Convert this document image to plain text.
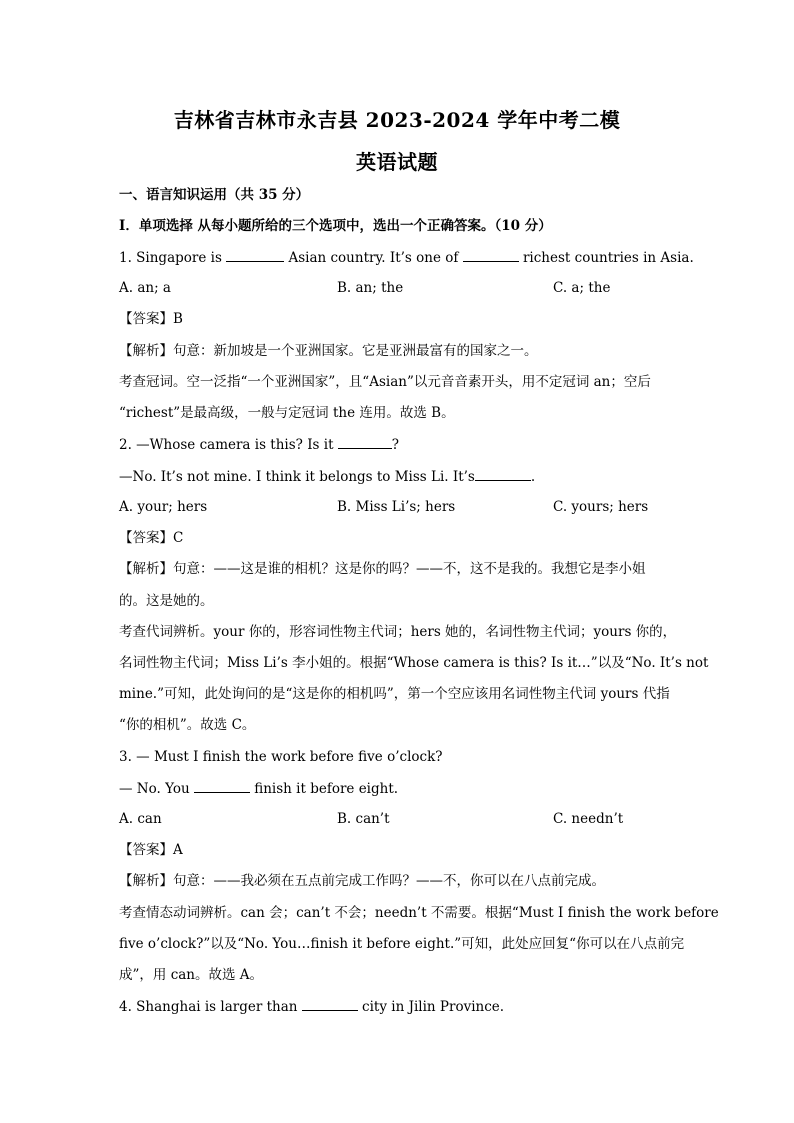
吉林省吉林市永吉县 2023-2024 学年中考二模
英语试题
一、语言知识运用（共 35 分）
Ⅰ．单项选择 从每小题所给的三个选项中，选出一个正确答案。（10 分）
1. Singapore is	Asian country. It’s one of	richest countries in Asia.
A. an; a	B. an; the	C. a; the
【答案】B
【解析】句意：新加坡是一个亚洲国家。它是亚洲最富有的国家之一。
考查冠词。空一泛指“一个亚洲国家”，且“Asian”以元音音素开头，用不定冠词 an；空后
“richest”是最高级，一般与定冠词 the 连用。故选 B。
2. —Whose camera is this? Is it	?
—No. It’s not mine. I think it belongs to Miss Li. It’s	.
A. your; hers	B. Miss Li’s; hers	C. yours; hers
【答案】C
【解析】句意：——这是谁的相机？这是你的吗？——不，这不是我的。我想它是李小姐
的。这是她的。
考查代词辨析。your 你的，形容词性物主代词；hers 她的，名词性物主代词；yours 你的，
名词性物主代词；Miss Li’s 李小姐的。根据“Whose camera is this? Is it…”以及“No. It’s not
mine.”可知，此处询问的是“这是你的相机吗”，第一个空应该用名词性物主代词 yours 代指
“你的相机”。故选 C。
3. — Must I finish the work before five o’clock?
— No. You	finish it before eight.
A. can	B. can’t	C. needn’t
【答案】A
【解析】句意：——我必须在五点前完成工作吗？——不，你可以在八点前完成。
考查情态动词辨析。can 会；can’t 不会；needn’t 不需要。根据“Must I finish the work before
five o’clock?”以及“No. You…finish it before eight.”可知，此处应回复“你可以在八点前完
成”，用 can。故选 A。
4. Shanghai is larger than	city in Jilin Province.
